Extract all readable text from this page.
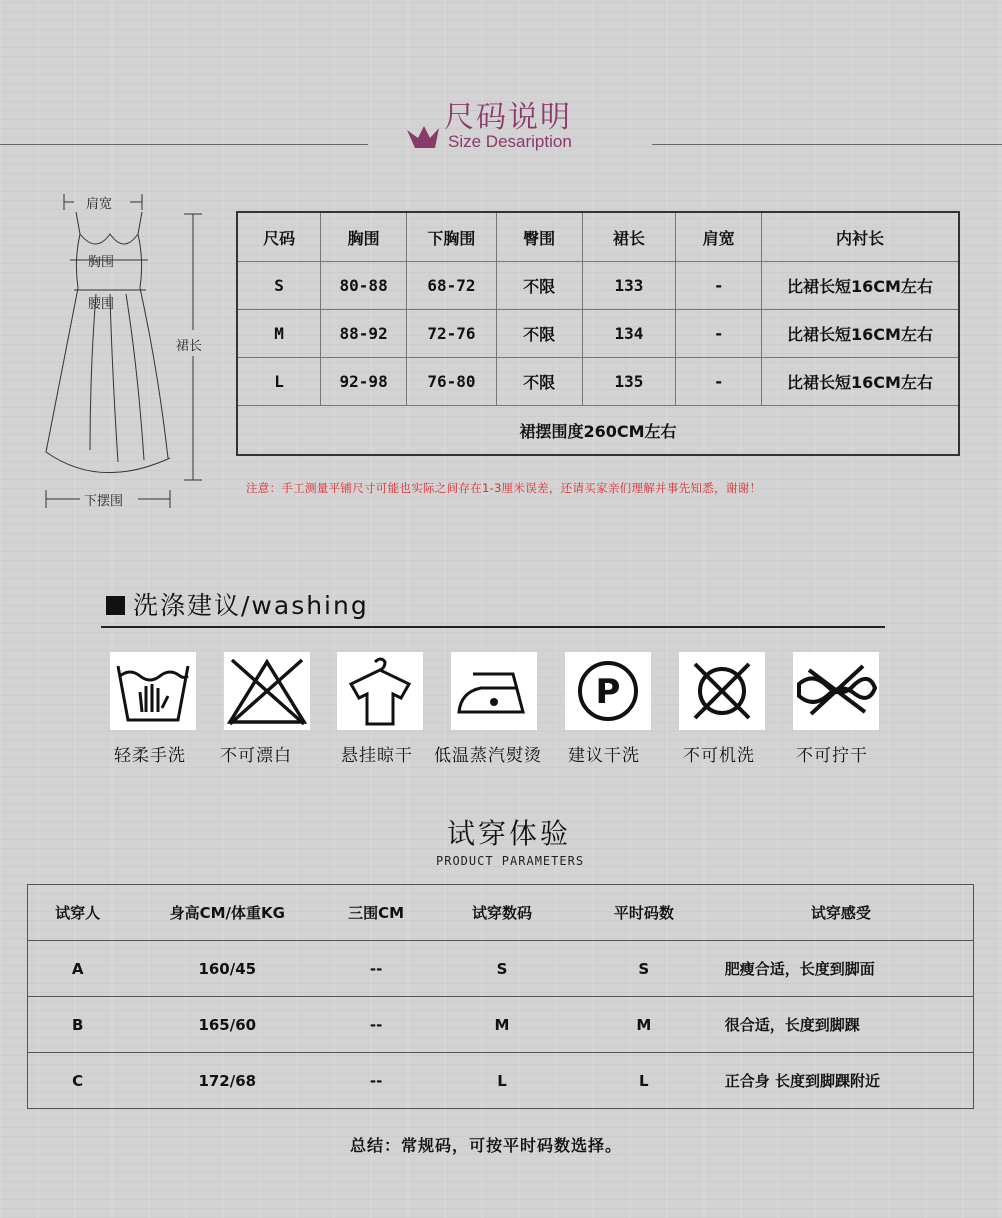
尺码说明
Size Desaription
肩宽
胸围
腰围
裙长
下摆围
尺码	胸围	下胸围	臀围	裙长	肩宽	内衬长
S	80-88	68-72	不限	133	-	比裙长短16CM左右
M	88-92	72-76	不限	134	-	比裙长短16CM左右
L	92-98	76-80	不限	135	-	比裙长短16CM左右
裙摆围度260CM左右						
注意：手工测量平铺尺寸可能也实际之间存在1-3厘米误差，还请买家亲们理解并事先知悉，谢谢！
洗涤建议/washing
P
轻柔手洗 不可漂白	悬挂晾干 低温蒸汽熨烫 建议干洗	不可机洗 不可拧干
试穿体验
PRODUCT PARAMETERS
试穿人	身高CM/体重KG	三围CM	试穿数码	平时码数	试穿感受
A	160/45	--	S	S	肥瘦合适，长度到脚面
B	165/60	--	M	M	很合适，长度到脚踝
C	172/68	--	L	L	正合身 长度到脚踝附近
总结：常规码，可按平时码数选择。
